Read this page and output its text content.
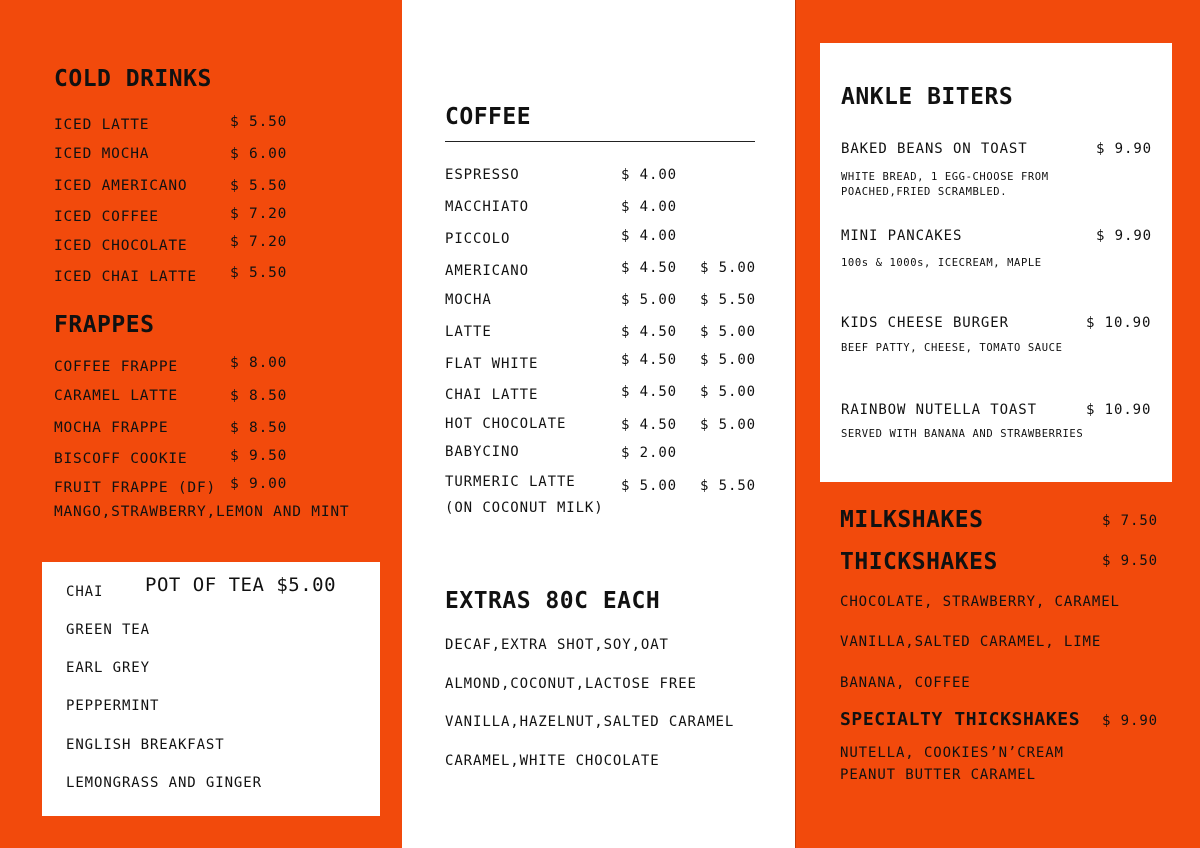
COLD DRINKS
ICED LATTE	$ 5.50
ICED MOCHA	$ 6.00
ICED AMERICANO	$ 5.50
ICED COFFEE	$ 7.20
ICED CHOCOLATE	$ 7.20
ICED CHAI LATTE $ 5.50
FRAPPES
COFFEE FRAPPE	$ 8.00
CARAMEL LATTE	$ 8.50
MOCHA FRAPPE	$ 8.50
BISCOFF COOKIE	$ 9.50
FRUIT FRAPPE (DF) $ 9.00
MANGO,STRAWBERRY,LEMON AND MINT
CHAI POT OF TEA $5.00
GREEN TEA
EARL GREY
PEPPERMINT
ENGLISH BREAKFAST
LEMONGRASS AND GINGER
COFFEE
ESPRESSO	$ 4.00
MACCHIATO	$ 4.00
PICCOLO	$ 4.00
AMERICANO	$ 4.50 $ 5.00
MOCHA	$ 5.00 $ 5.50
LATTE	$ 4.50 $ 5.00
FLAT WHITE	$ 4.50 $ 5.00
CHAI LATTE	$ 4.50 $ 5.00
HOT CHOCOLATE	$ 4.50 $ 5.00
BABYCINO	$ 2.00
TURMERIC LATTE	$ 5.00 $ 5.50
(ON COCONUT MILK)
EXTRAS 80C EACH
DECAF,EXTRA SHOT,SOY,OAT
ALMOND,COCONUT,LACTOSE FREE
VANILLA,HAZELNUT,SALTED CARAMEL
CARAMEL,WHITE CHOCOLATE
ANKLE BITERS
BAKED BEANS ON TOAST	$ 9.90
WHITE BREAD, 1 EGG-CHOOSE FROM
POACHED,FRIED SCRAMBLED.
MINI PANCAKES	$ 9.90
100s & 1000s, ICECREAM, MAPLE
KIDS CHEESE BURGER	$ 10.90
BEEF PATTY, CHEESE, TOMATO SAUCE
RAINBOW NUTELLA TOAST	$ 10.90
SERVED WITH BANANA AND STRAWBERRIES
MILKSHAKES	$ 7.50
THICKSHAKES	$ 9.50
CHOCOLATE, STRAWBERRY, CARAMEL
VANILLA,SALTED CARAMEL, LIME
BANANA, COFFEE
SPECIALTY THICKSHAKES $ 9.90
NUTELLA, COOKIES’N’CREAM
PEANUT BUTTER CARAMEL
